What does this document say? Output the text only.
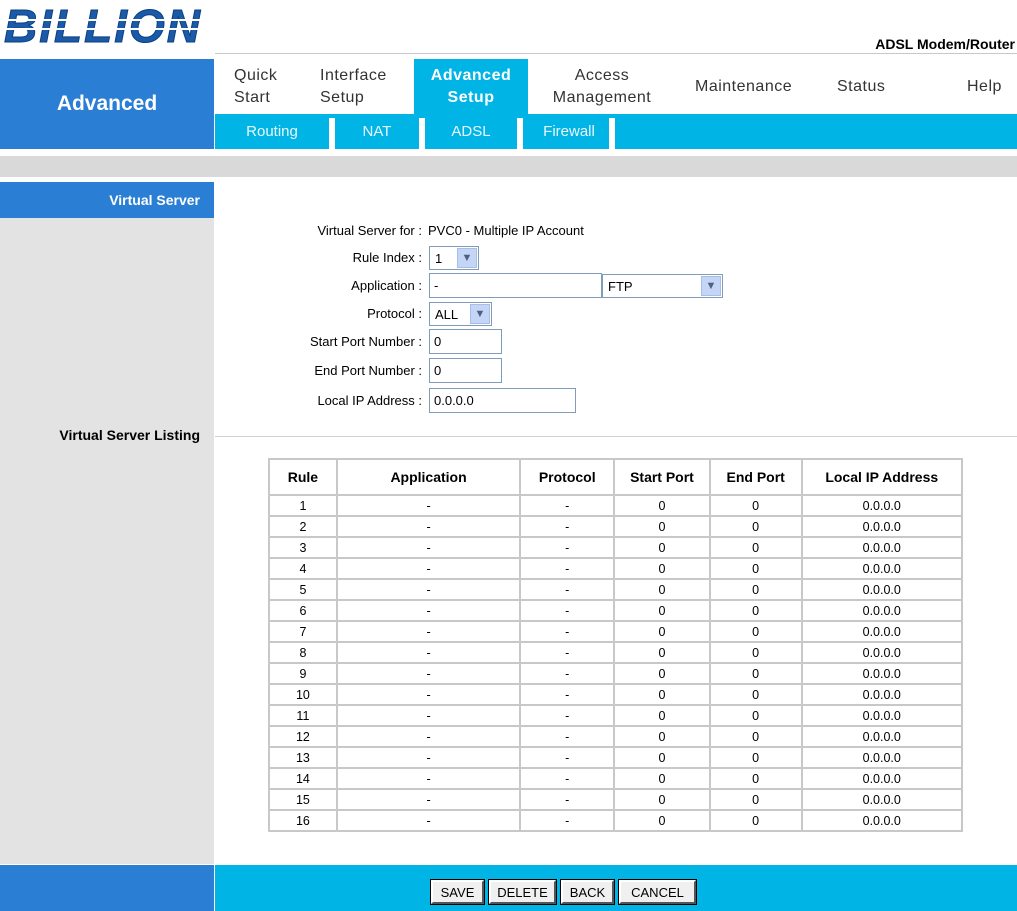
BILLION	ADSL Modem/Router
Advanced
Quick
Start
Interface
Setup
Advanced
Setup
Access
Management
Maintenance	Status	Help
Routing	NAT	ADSL	Firewall
Virtual Server
Virtual Server Listing
Virtual Server for : PVC0 - Multiple IP Account
Rule Index : 1	▼
Application : -	FTP	▼
Protocol : ALL	▼
Start Port Number : 0
End Port Number : 0
Local IP Address : 0.0.0.0
Rule	Application	Protocol	Start Port	End Port	Local IP Address
1	-	-	0	0	0.0.0.0
2	-	-	0	0	0.0.0.0
3	-	-	0	0	0.0.0.0
4	-	-	0	0	0.0.0.0
5	-	-	0	0	0.0.0.0
6	-	-	0	0	0.0.0.0
7	-	-	0	0	0.0.0.0
8	-	-	0	0	0.0.0.0
9	-	-	0	0	0.0.0.0
10	-	-	0	0	0.0.0.0
11	-	-	0	0	0.0.0.0
12	-	-	0	0	0.0.0.0
13	-	-	0	0	0.0.0.0
14	-	-	0	0	0.0.0.0
15	-	-	0	0	0.0.0.0
16	-	-	0	0	0.0.0.0
SAVE	DELETE	BACK	CANCEL
